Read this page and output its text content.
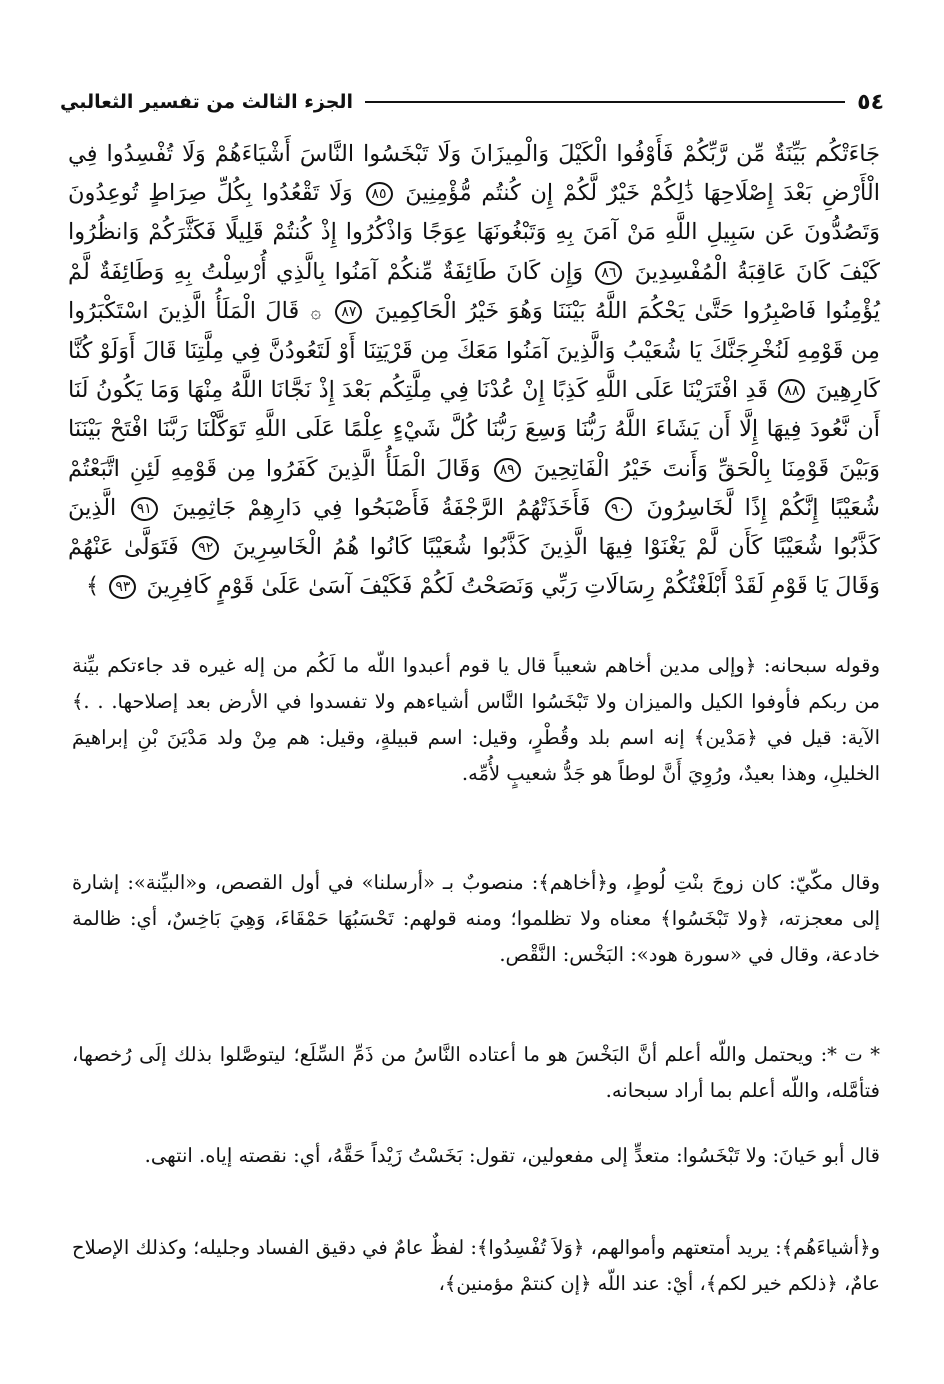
٥٤
الجزء الثالث من تفسير الثعالبي
جَاءَتْكُم بَيِّنَةٌ مِّن رَّبِّكُمْ فَأَوْفُوا الْكَيْلَ وَالْمِيزَانَ وَلَا تَبْخَسُوا النَّاسَ أَشْيَاءَهُمْ وَلَا تُفْسِدُوا فِي الْأَرْضِ بَعْدَ إِصْلَاحِهَا ذَٰلِكُمْ خَيْرٌ لَّكُمْ إِن كُنتُم مُّؤْمِنِينَ ٨٥ وَلَا تَقْعُدُوا بِكُلِّ صِرَاطٍ تُوعِدُونَ وَتَصُدُّونَ عَن سَبِيلِ اللَّهِ مَنْ آمَنَ بِهِ وَتَبْغُونَهَا عِوَجًا وَاذْكُرُوا إِذْ كُنتُمْ قَلِيلًا فَكَثَّرَكُمْ وَانظُرُوا كَيْفَ كَانَ عَاقِبَةُ الْمُفْسِدِينَ ٨٦ وَإِن كَانَ طَائِفَةٌ مِّنكُمْ آمَنُوا بِالَّذِي أُرْسِلْتُ بِهِ وَطَائِفَةٌ لَّمْ يُؤْمِنُوا فَاصْبِرُوا حَتَّىٰ يَحْكُمَ اللَّهُ بَيْنَنَا وَهُوَ خَيْرُ الْحَاكِمِينَ ٨٧ ۞ قَالَ الْمَلَأُ الَّذِينَ اسْتَكْبَرُوا مِن قَوْمِهِ لَنُخْرِجَنَّكَ يَا شُعَيْبُ وَالَّذِينَ آمَنُوا مَعَكَ مِن قَرْيَتِنَا أَوْ لَتَعُودُنَّ فِي مِلَّتِنَا قَالَ أَوَلَوْ كُنَّا كَارِهِينَ ٨٨ قَدِ افْتَرَيْنَا عَلَى اللَّهِ كَذِبًا إِنْ عُدْنَا فِي مِلَّتِكُم بَعْدَ إِذْ نَجَّانَا اللَّهُ مِنْهَا وَمَا يَكُونُ لَنَا أَن نَّعُودَ فِيهَا إِلَّا أَن يَشَاءَ اللَّهُ رَبُّنَا وَسِعَ رَبُّنَا كُلَّ شَيْءٍ عِلْمًا عَلَى اللَّهِ تَوَكَّلْنَا رَبَّنَا افْتَحْ بَيْنَنَا وَبَيْنَ قَوْمِنَا بِالْحَقِّ وَأَنتَ خَيْرُ الْفَاتِحِينَ ٨٩ وَقَالَ الْمَلَأُ الَّذِينَ كَفَرُوا مِن قَوْمِهِ لَئِنِ اتَّبَعْتُمْ شُعَيْبًا إِنَّكُمْ إِذًا لَّخَاسِرُونَ ٩٠ فَأَخَذَتْهُمُ الرَّجْفَةُ فَأَصْبَحُوا فِي دَارِهِمْ جَاثِمِينَ ٩١ الَّذِينَ كَذَّبُوا شُعَيْبًا كَأَن لَّمْ يَغْنَوْا فِيهَا الَّذِينَ كَذَّبُوا شُعَيْبًا كَانُوا هُمُ الْخَاسِرِينَ ٩٢ فَتَوَلَّىٰ عَنْهُمْ وَقَالَ يَا قَوْمِ لَقَدْ أَبْلَغْتُكُمْ رِسَالَاتِ رَبِّي وَنَصَحْتُ لَكُمْ فَكَيْفَ آسَىٰ عَلَىٰ قَوْمٍ كَافِرِينَ ٩٣ ﴾

وقوله سبحانه: ﴿وإلى مدين أخاهم شعيباً قال يا قوم أعبدوا اللّه ما لَكُم من إله غيره قد جاءتكم بيِّنة من ربكم فأوفوا الكيل والميزان ولا تَبْخَسُوا النَّاس أشياءهم ولا تفسدوا في الأرض بعد إصلاحها. . .﴾ الآية: قيل في ﴿مَدْين﴾ إنه اسم بلد وقُطْرٍ، وقيل: اسم قبيلةٍ، وقيل: هم مِنْ ولد مَدْيَنَ بْنِ إبراهيمَ الخليلِ، وهذا بعيدٌ، ورُوِيَ أَنَّ لوطاً هو جَدُّ شعيبٍ لأُمِّه.

وقال مكّيّ: كان زوجَ بنْتِ لُوطٍ، و﴿أخاهم﴾: منصوبٌ بـ «أرسلنا» في أول القصص، و«البيِّنة»: إشارة إلى معجزته، ﴿ولا تَبْخَسُوا﴾ معناه ولا تظلموا؛ ومنه قولهم: تَحْسَبُهَا حَمْقَاءَ، وَهِيَ بَاخِسٌ، أي: ظالمة خادعة، وقال في «سورة هود»: البَخْس: النَّقْص.

* ت *: ويحتمل واللّه أعلم أنَّ البَخْسَ هو ما أعتاده النَّاسُ من ذَمِّ السِّلَع؛ ليتوصَّلوا بذلك إلَى رُخصها، فتأمَّله، واللّه أعلم بما أراد سبحانه.

قال أبو حَيانَ: ولا تَبْخَسُوا: متعدٍّ إلى مفعولين، تقول: بَخَسْتُ زَيْداً حَقَّهُ، أي: نقصته إياه. انتهى.

و﴿أشياءَهُم﴾: يريد أمتعتهم وأموالهم، ﴿وَلاَ تُفْسِدُوا﴾: لفظٌ عامٌ في دقيق الفساد وجليله؛ وكذلك الإصلاح عامٌ، ﴿ذلكم خير لكم﴾، أيْ: عند اللّه ﴿إن كنتمْ مؤمنين﴾،
